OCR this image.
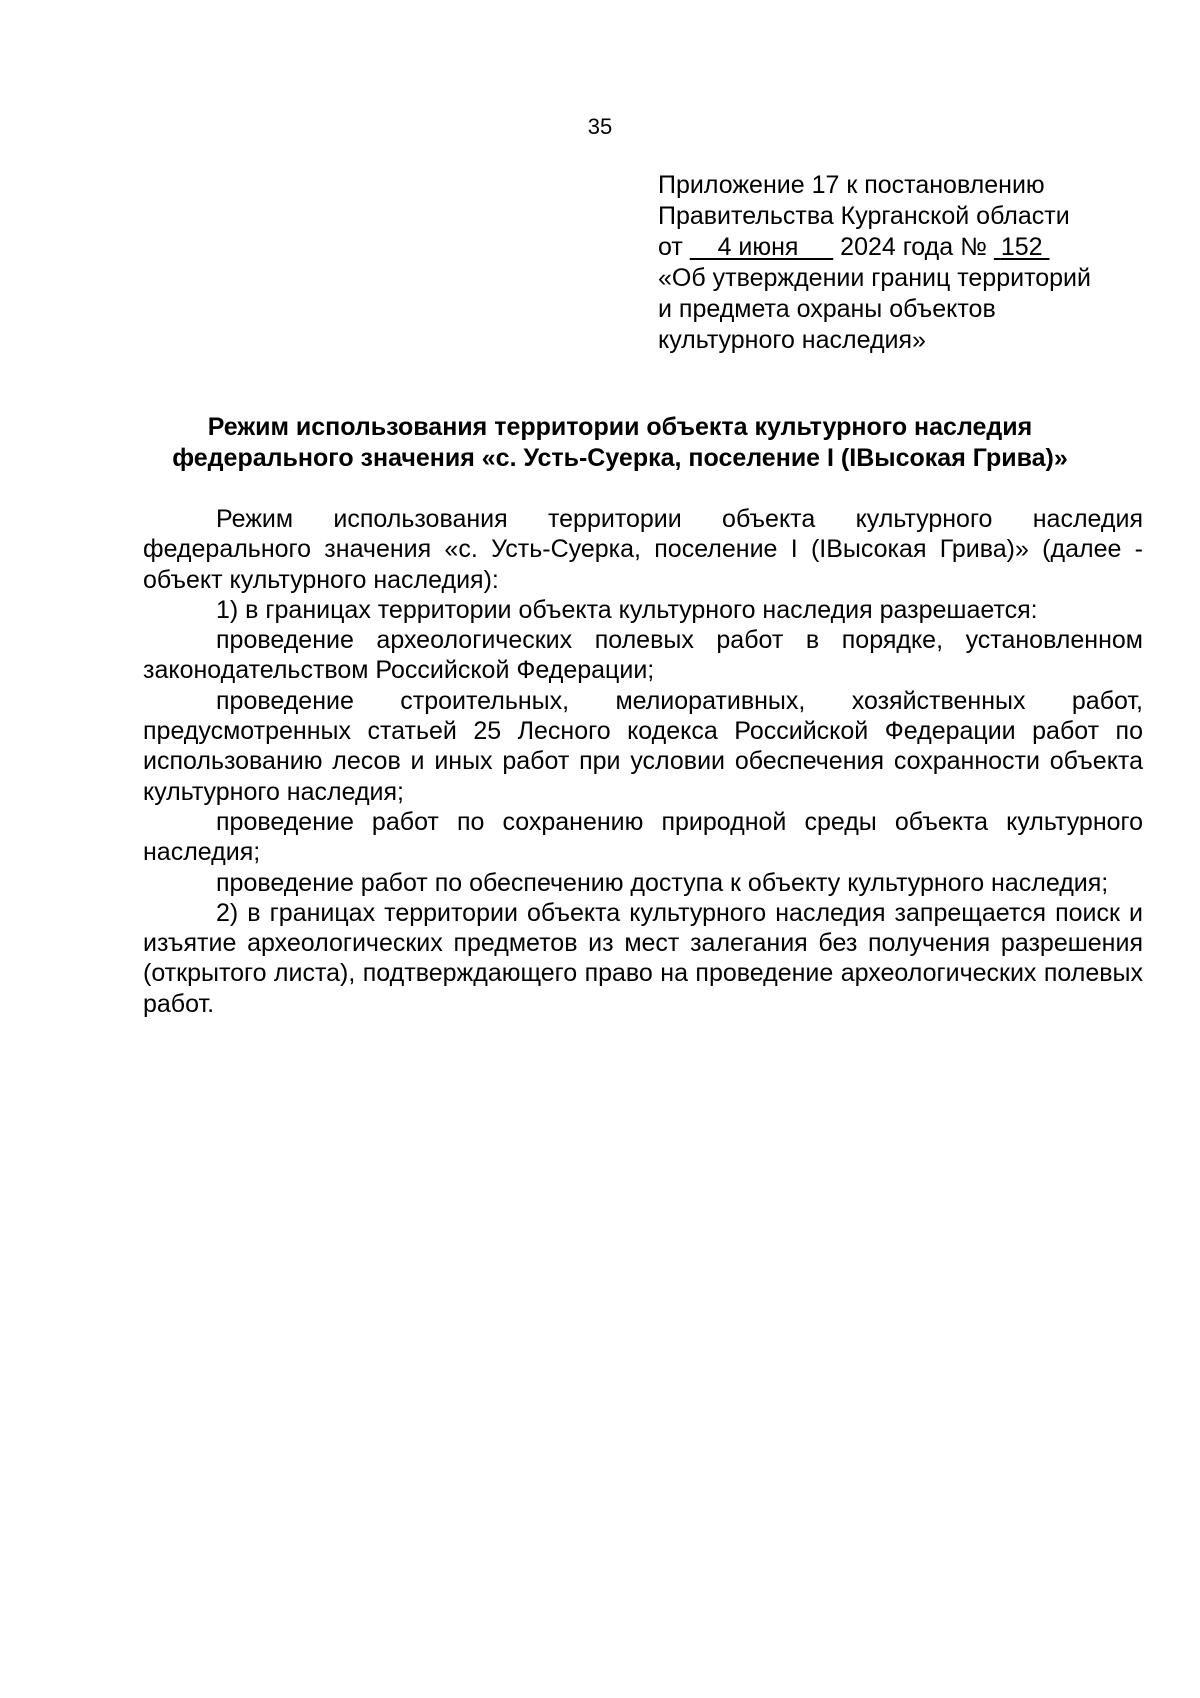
35
Приложение 17 к постановлению
Правительства Курганской области
от 4 июня 2024 года № 152
«Об утверждении границ территорий
и предмета охраны объектов
культурного наследия»
Режим использования территории объекта культурного наследия
федерального значения «с. Усть-Суерка, поселение I (IВысокая Грива)»

Режим использования территории объекта культурного наследия федерального значения «с. Усть-Суерка, поселение I (IВысокая Грива)» (далее - объект культурного наследия):

1) в границах территории объекта культурного наследия разрешается:

проведение археологических полевых работ в порядке, установленном законодательством Российской Федерации;

проведение строительных, мелиоративных, хозяйственных работ, предусмотренных статьей 25 Лесного кодекса Российской Федерации работ по использованию лесов и иных работ при условии обеспечения сохранности объекта культурного наследия;

проведение работ по сохранению природной среды объекта культурного наследия;

проведение работ по обеспечению доступа к объекту культурного наследия;

2) в границах территории объекта культурного наследия запрещается поиск и изъятие археологических предметов из мест залегания без получения разрешения (открытого листа), подтверждающего право на проведение археологических полевых работ.
